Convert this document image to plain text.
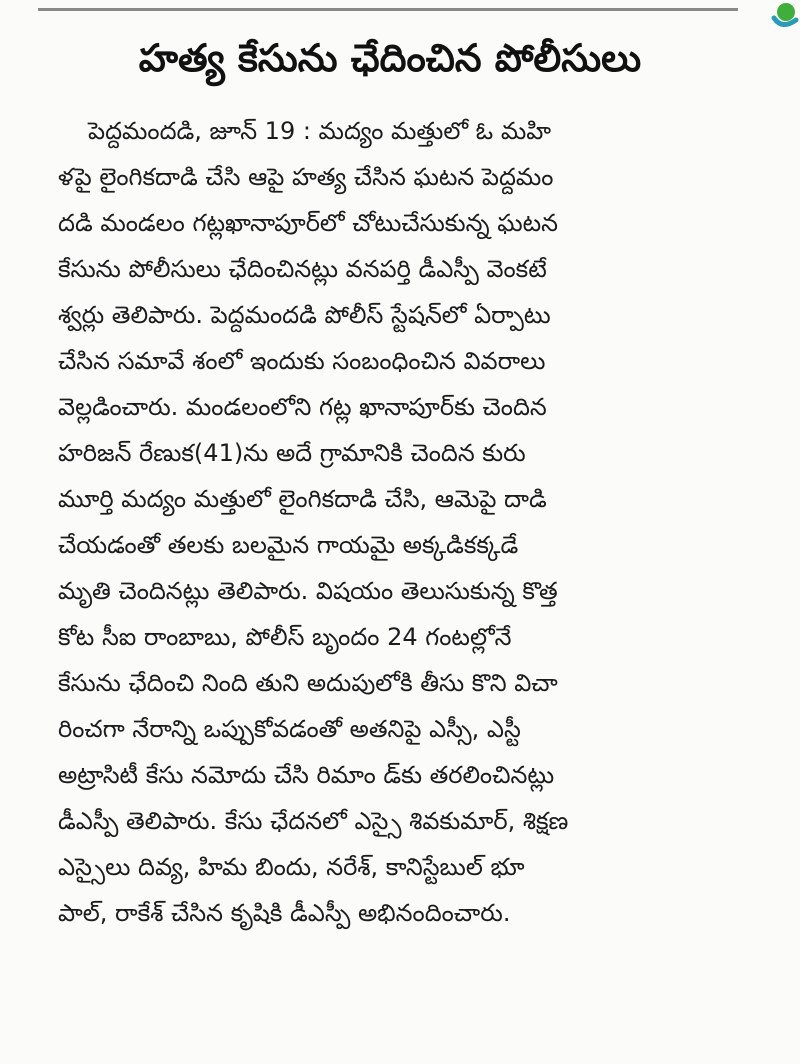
హత్య కేసును ఛేదించిన పోలీసులు
పెద్దమందడి, జూన్ 19 : మద్యం మత్తులో ఓ మహి
ళపై లైంగికదాడి చేసి ఆపై హత్య చేసిన ఘటన పెద్దమం
దడి మండలం గట్లఖానాపూర్‌లో చోటుచేసుకున్న ఘటన
కేసును పోలీసులు ఛేదించినట్లు వనపర్తి డీఎస్పీ వెంకటే
శ్వర్లు తెలిపారు. పెద్దమందడి పోలీస్ స్టేషన్‌లో ఏర్పాటు
చేసిన సమావే శంలో ఇందుకు సంబంధించిన వివరాలు
వెల్లడించారు. మండలంలోని గట్ల ఖానాపూర్‌కు చెందిన
హరిజన్ రేణుక(41)ను అదే గ్రామానికి చెందిన కురు
మూర్తి మద్యం మత్తులో లైంగికదాడి చేసి, ఆమెపై దాడి
చేయడంతో తలకు బలమైన గాయమై అక్కడికక్కడే
మృతి చెందినట్లు తెలిపారు. విషయం తెలుసుకున్న కొత్త
కోట సీఐ రాంబాబు, పోలీస్ బృందం 24 గంటల్లోనే
కేసును ఛేదించి నింది తుని అదుపులోకి తీసు కొని విచా
రించగా నేరాన్ని ఒప్పుకోవడంతో అతనిపై ఎస్సీ, ఎస్టీ
అట్రాసిటీ కేసు నమోదు చేసి రిమాం డ్‌కు తరలించినట్లు
డీఎస్పీ తెలిపారు. కేసు ఛేదనలో ఎస్సై శివకుమార్, శిక్షణ
ఎస్సైలు దివ్య, హిమ బిందు, నరేశ్, కానిస్టేబుల్ భూ
పాల్, రాకేశ్ చేసిన కృషికి డీఎస్పీ అభినందించారు.
